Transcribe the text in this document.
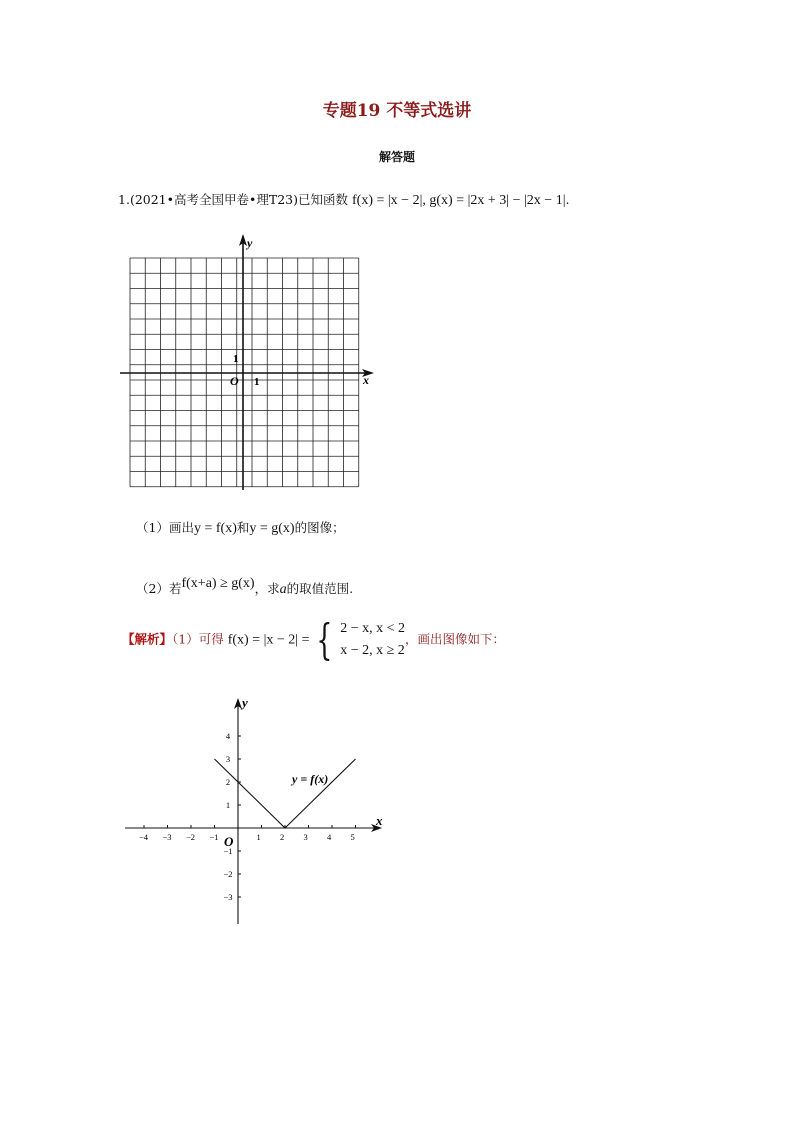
专题19 不等式选讲
解答题
1.(2021•高考全国甲卷•理T23)已知函数 f(x) = |x − 2|, g(x) = |2x + 3| − |2x − 1|.
y
x
O 1
1
（1）画出y = f(x)和y = g(x)的图像；
（2）若f(x+a) ≥ g(x)，求a的取值范围.
【解析】（1）可得 f(x) = |x − 2| = { 2 − x, x < 2
x − 2, x ≥ 2，画出图像如下：
x
y
O
−4 −3 −2 −1	1 2 3 4 5
−3
−2
−1
1
2
3
4
y = f(x)
